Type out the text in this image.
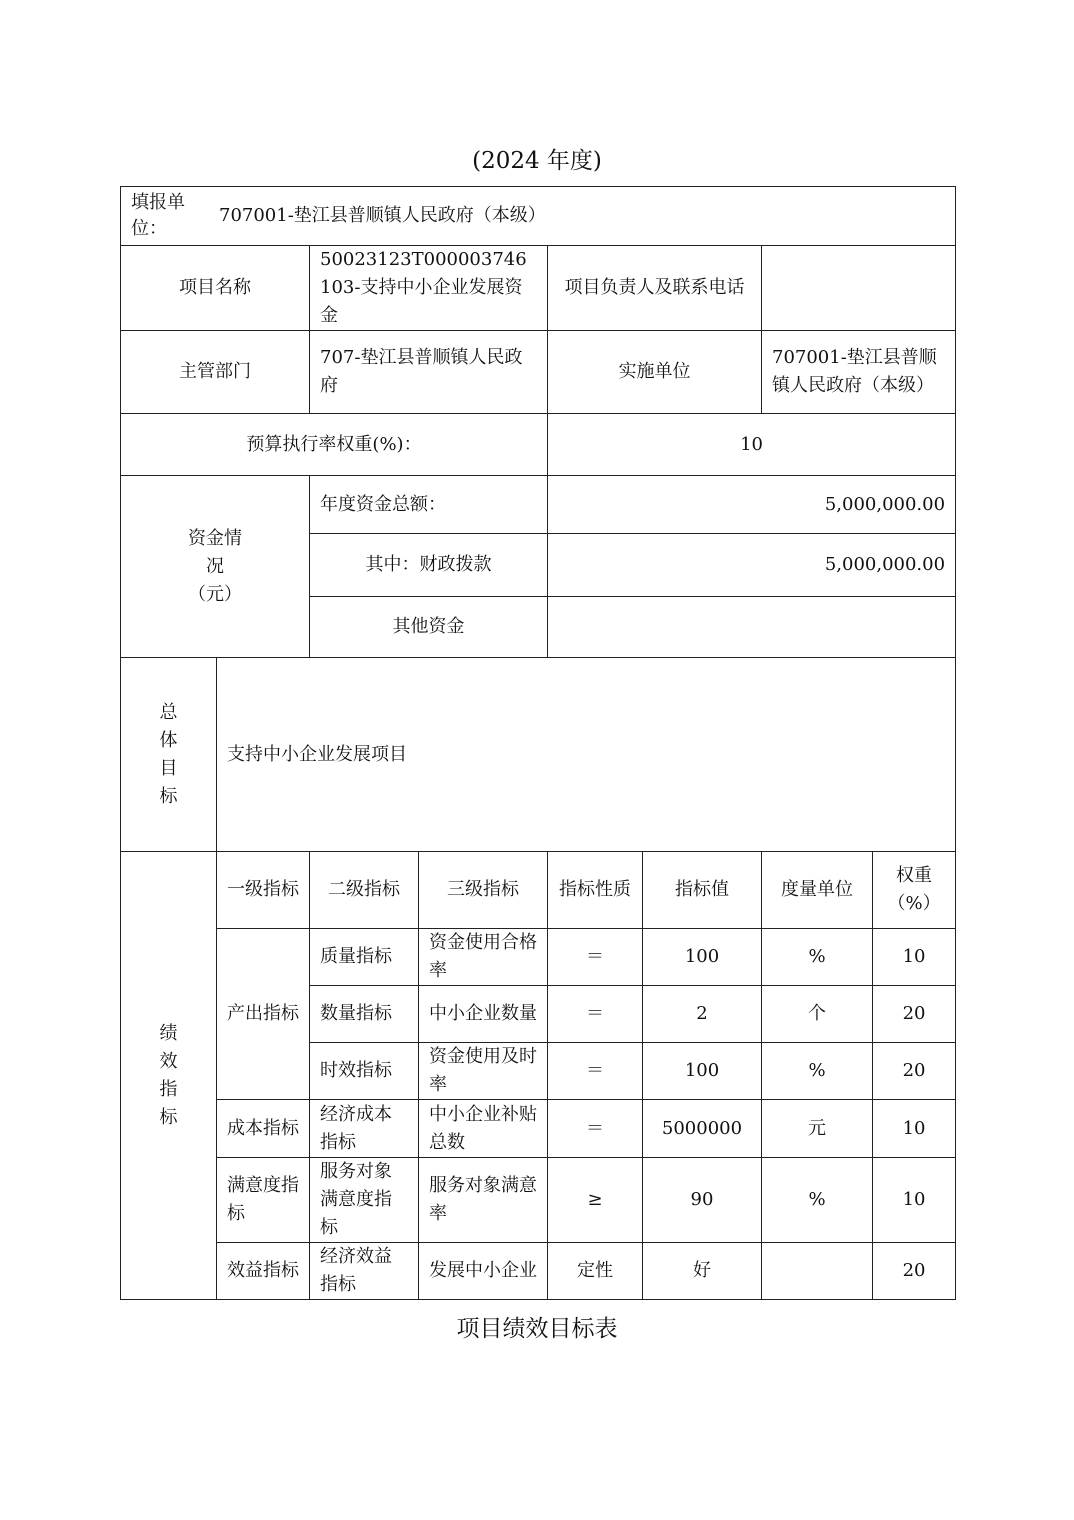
(2024 年度)
填报单位：707001-垫江县普顺镇人民政府（本级）							
项目名称		50023123T000003746103-支持中小企业发展资金		项目负责人及联系电话			
主管部门		707-垫江县普顺镇人民政府		实施单位		707001-垫江县普顺镇人民政府（本级）	
预算执行率权重(%)：				10			

资金情况（元）		年度资金总额：		5,000,000.00			
		其中：财政拨款		5,000,000.00			
		其他资金					

总体目标	支持中小企业发展项目						

绩效指标	一级指标	二级指标	三级指标	指标性质	指标值	度量单位	权重（%）
	产出指标	质量指标	资金使用合格率	＝	100	%	10
		数量指标	中小企业数量	＝	2	个	20
		时效指标	资金使用及时率	＝	100	%	20
	成本指标	经济成本指标	中小企业补贴总数	＝	5000000	元	10
	满意度指标	服务对象满意度指标	服务对象满意率	≥	90	%	10
	效益指标	经济效益指标	发展中小企业	定性	好		20
项目绩效目标表
